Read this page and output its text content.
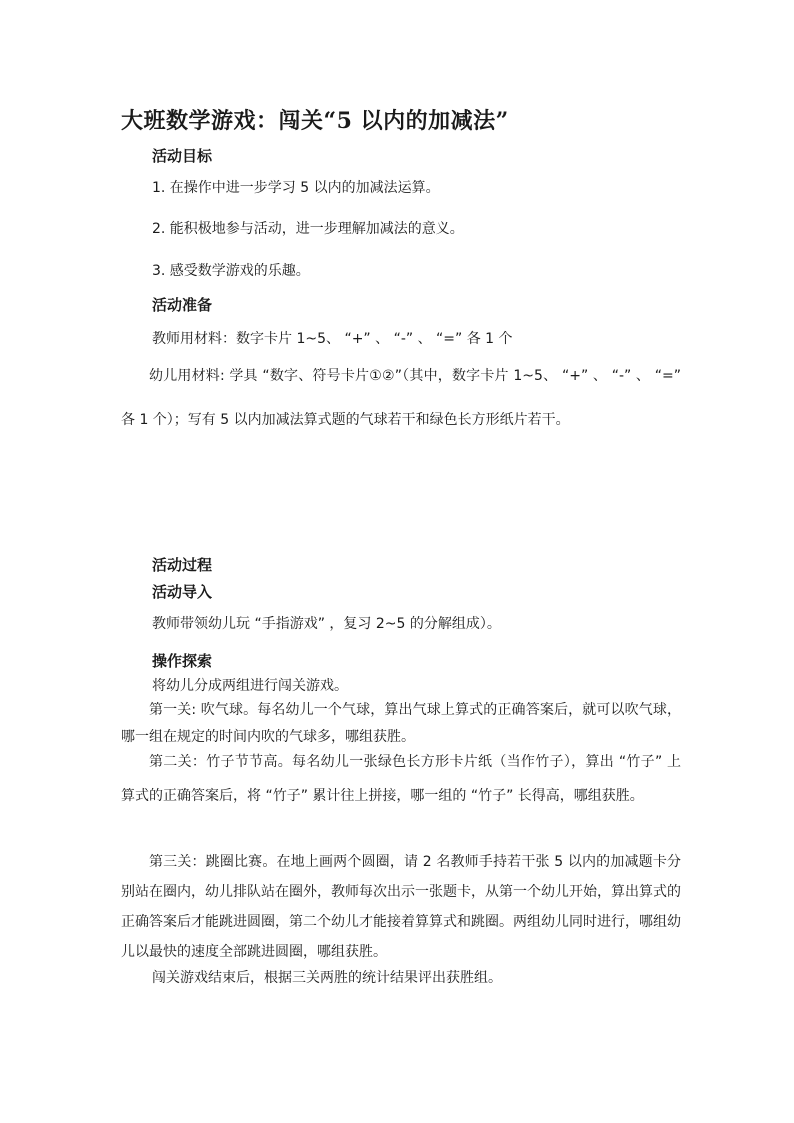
大班数学游戏：闯关“5 以内的加减法”
活动目标
1. 在操作中进一步学习 5 以内的加减法运算。
2. 能积极地参与活动，进一步理解加减法的意义。
3. 感受数学游戏的乐趣。
活动准备
教师用材料：数字卡片 1~5、 “+” 、 “-” 、 “=” 各 1 个
幼儿用材料: 学具 “数字、符号卡片①②”（其中，数字卡片 1~5、 “+” 、 “-” 、 “=” 各 1 个）；写有 5 以内加减法算式题的气球若干和绿色长方形纸片若干。
活动过程
活动导入
教师带领幼儿玩 “手指游戏” ，复习 2~5 的分解组成）。
操作探索
将幼儿分成两组进行闯关游戏。
第一关: 吹气球。每名幼儿一个气球，算出气球上算式的正确答案后，就可以吹气球，哪一组在规定的时间内吹的气球多，哪组获胜。
第二关：竹子节节高。每名幼儿一张绿色长方形卡片纸（当作竹子），算出 “竹子” 上算式的正确答案后，将 “竹子” 累计往上拼接，哪一组的 “竹子” 长得高，哪组获胜。
第三关：跳圈比赛。在地上画两个圆圈，请 2 名教师手持若干张 5 以内的加减题卡分别站在圈内，幼儿排队站在圈外，教师每次出示一张题卡，从第一个幼儿开始，算出算式的正确答案后才能跳进圆圈，第二个幼儿才能接着算算式和跳圈。两组幼儿同时进行，哪组幼儿以最快的速度全部跳进圆圈，哪组获胜。
闯关游戏结束后，根据三关两胜的统计结果评出获胜组。
